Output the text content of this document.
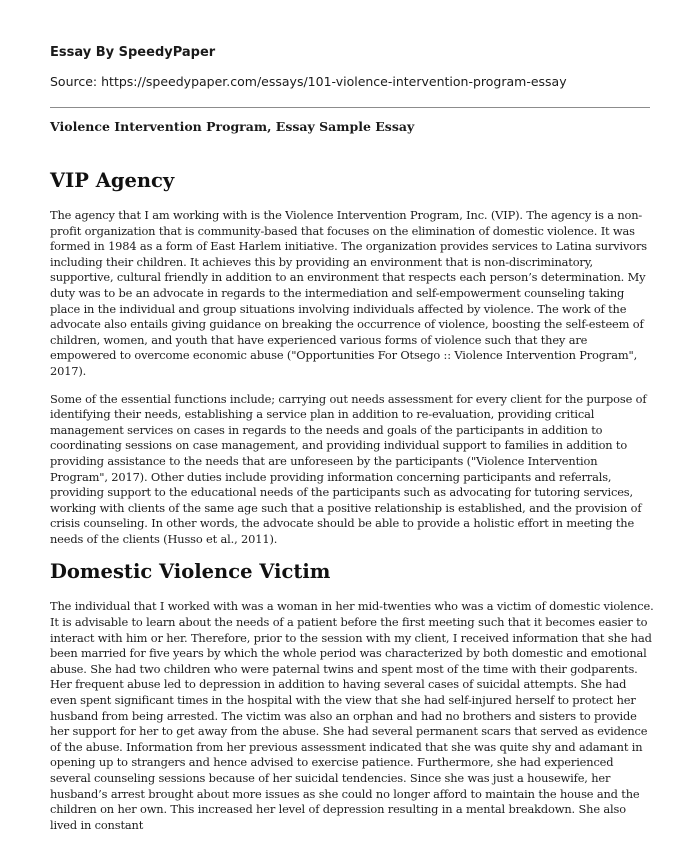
Essay By SpeedyPaper
Source: https://speedypaper.com/essays/101-violence-intervention-program-essay
Violence Intervention Program, Essay Sample Essay
VIP Agency

The agency that I am working with is the Violence Intervention Program, Inc. (VIP). The agency is a non-profit organization that is community-based that focuses on the elimination of domestic violence. It was formed in 1984 as a form of East Harlem initiative. The organization provides services to Latina survivors including their children. It achieves this by providing an environment that is non-discriminatory, supportive, cultural friendly in addition to an environment that respects each person’s determination. My duty was to be an advocate in regards to the intermediation and self-empowerment counseling taking place in the individual and group situations involving individuals affected by violence. The work of the advocate also entails giving guidance on breaking the occurrence of violence, boosting the self-esteem of children, women, and youth that have experienced various forms of violence such that they are empowered to overcome economic abuse ("Opportunities For Otsego :: Violence Intervention Program", 2017).

Some of the essential functions include; carrying out needs assessment for every client for the purpose of identifying their needs, establishing a service plan in addition to re-evaluation, providing critical management services on cases in regards to the needs and goals of the participants in addition to coordinating sessions on case management, and providing individual support to families in addition to providing assistance to the needs that are unforeseen by the participants ("Violence Intervention Program", 2017). Other duties include providing information concerning participants and referrals, providing support to the educational needs of the participants such as advocating for tutoring services, working with clients of the same age such that a positive relationship is established, and the provision of crisis counseling. In other words, the advocate should be able to provide a holistic effort in meeting the needs of the clients (Husso et al., 2011).

Domestic Violence Victim

The individual that I worked with was a woman in her mid-twenties who was a victim of domestic violence. It is advisable to learn about the needs of a patient before the first meeting such that it becomes easier to interact with him or her. Therefore, prior to the session with my client, I received information that she had been married for five years by which the whole period was characterized by both domestic and emotional abuse. She had two children who were paternal twins and spent most of the time with their godparents. Her frequent abuse led to depression in addition to having several cases of suicidal attempts. She had even spent significant times in the hospital with the view that she had self-injured herself to protect her husband from being arrested. The victim was also an orphan and had no brothers and sisters to provide her support for her to get away from the abuse. She had several permanent scars that served as evidence of the abuse. Information from her previous assessment indicated that she was quite shy and adamant in opening up to strangers and hence advised to exercise patience. Furthermore, she had experienced several counseling sessions because of her suicidal tendencies. Since she was just a housewife, her husband’s arrest brought about more issues as she could no longer afford to maintain the house and the children on her own. This increased her level of depression resulting in a mental breakdown. She also lived in constant
